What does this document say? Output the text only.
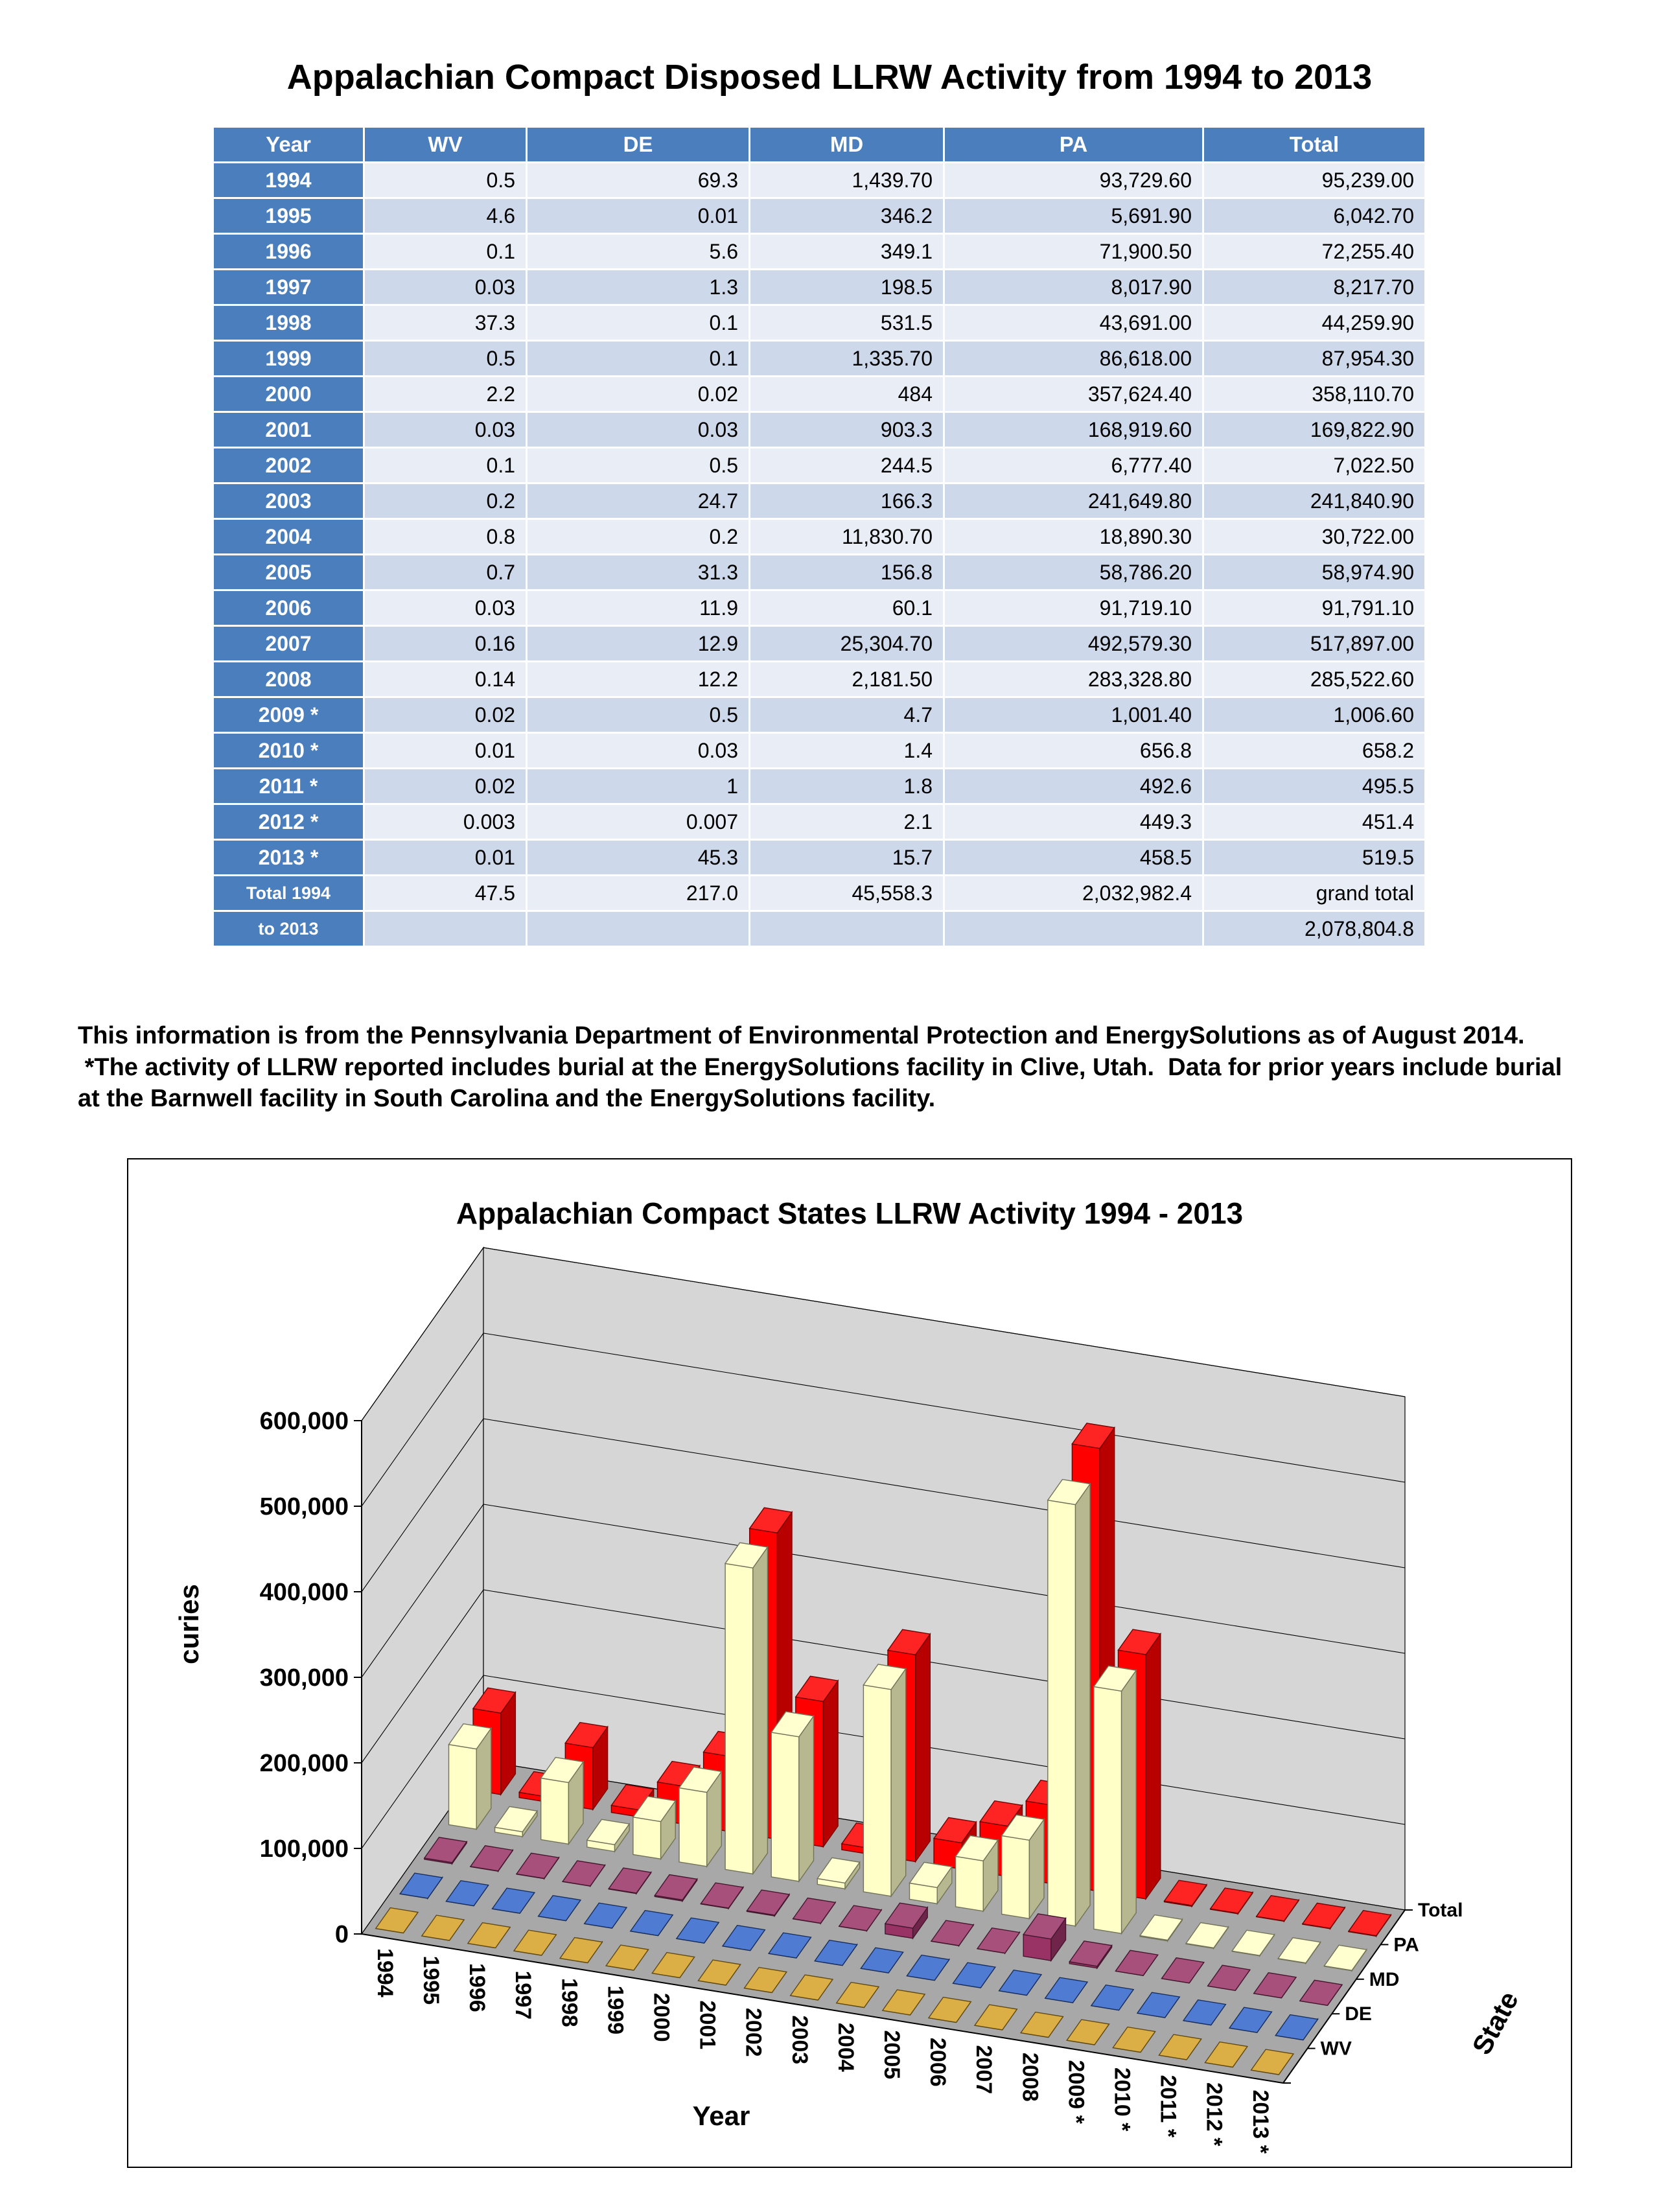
Appalachian Compact Disposed LLRW Activity from 1994 to 2013
Year	WV	DE	MD	PA	Total
1994	0.5	69.3	1,439.70	93,729.60	95,239.00
1995	4.6	0.01	346.2	5,691.90	6,042.70
1996	0.1	5.6	349.1	71,900.50	72,255.40
1997	0.03	1.3	198.5	8,017.90	8,217.70
1998	37.3	0.1	531.5	43,691.00	44,259.90
1999	0.5	0.1	1,335.70	86,618.00	87,954.30
2000	2.2	0.02	484	357,624.40	358,110.70
2001	0.03	0.03	903.3	168,919.60	169,822.90
2002	0.1	0.5	244.5	6,777.40	7,022.50
2003	0.2	24.7	166.3	241,649.80	241,840.90
2004	0.8	0.2	11,830.70	18,890.30	30,722.00
2005	0.7	31.3	156.8	58,786.20	58,974.90
2006	0.03	11.9	60.1	91,719.10	91,791.10
2007	0.16	12.9	25,304.70	492,579.30	517,897.00
2008	0.14	12.2	2,181.50	283,328.80	285,522.60
2009 *	0.02	0.5	4.7	1,001.40	1,006.60
2010 *	0.01	0.03	1.4	656.8	658.2
2011 *	0.02	1	1.8	492.6	495.5
2012 *	0.003	0.007	2.1	449.3	451.4
2013 *	0.01	45.3	15.7	458.5	519.5
Total 1994	47.5	217.0	45,558.3	2,032,982.4	grand total
to 2013					2,078,804.8

This information is from the Pennsylvania Department of Environmental Protection and EnergySolutions as of August 2014.

*The activity of LLRW reported includes burial at the EnergySolutions facility in Clive, Utah.  Data for prior years include burial at the Barnwell facility in South Carolina and the EnergySolutions facility.

Appalachian Compact States LLRW Activity 1994 - 2013
0
100,000
200,000
300,000
400,000
500,000
600,000
1994 1995 1996 1997 1998 1999 2000 2001 2002 2003 2004 2005 2006 2007 2008 2009 * 2010 * 2011 * 2012 * 2013 *
WV
DE
MD
PA
Total
curies
Year
State
